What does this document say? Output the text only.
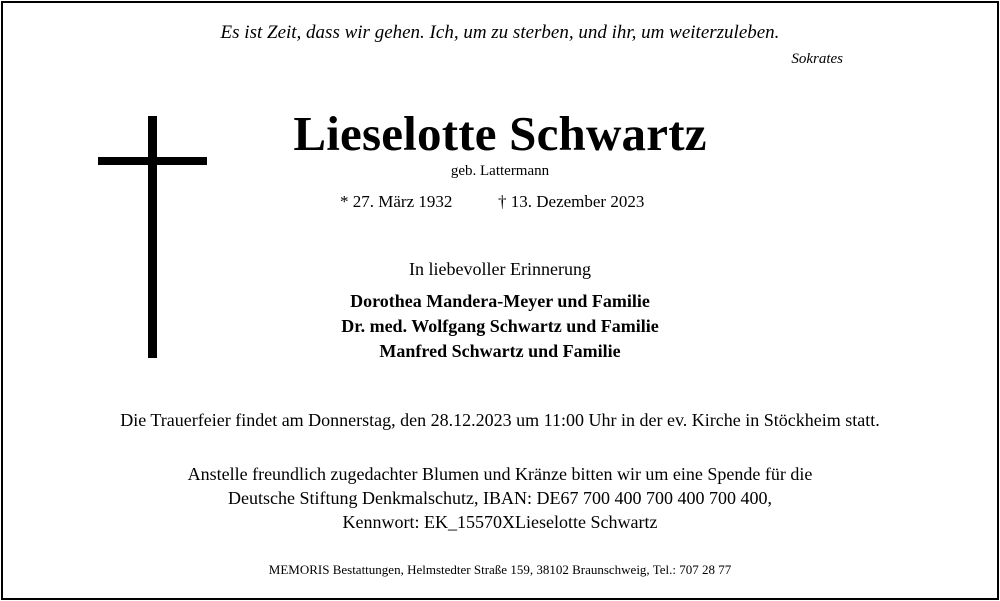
Es ist Zeit, dass wir gehen. Ich, um zu sterben, und ihr, um weiterzuleben.
Sokrates
Lieselotte Schwartz
geb. Lattermann
* 27. März 1932	† 13. Dezember 2023
In liebevoller Erinnerung
Dorothea Mandera-Meyer und Familie
Dr. med. Wolfgang Schwartz und Familie
Manfred Schwartz und Familie
Die Trauerfeier findet am Donnerstag, den 28.12.2023 um 11:00 Uhr in der ev. Kirche in Stöckheim statt.
Anstelle freundlich zugedachter Blumen und Kränze bitten wir um eine Spende für die
Deutsche Stiftung Denkmalschutz, IBAN: DE67 700 400 700 400 700 400,
Kennwort: EK_15570XLieselotte Schwartz
MEMORIS Bestattungen, Helmstedter Straße 159, 38102 Braunschweig, Tel.: 707 28 77
